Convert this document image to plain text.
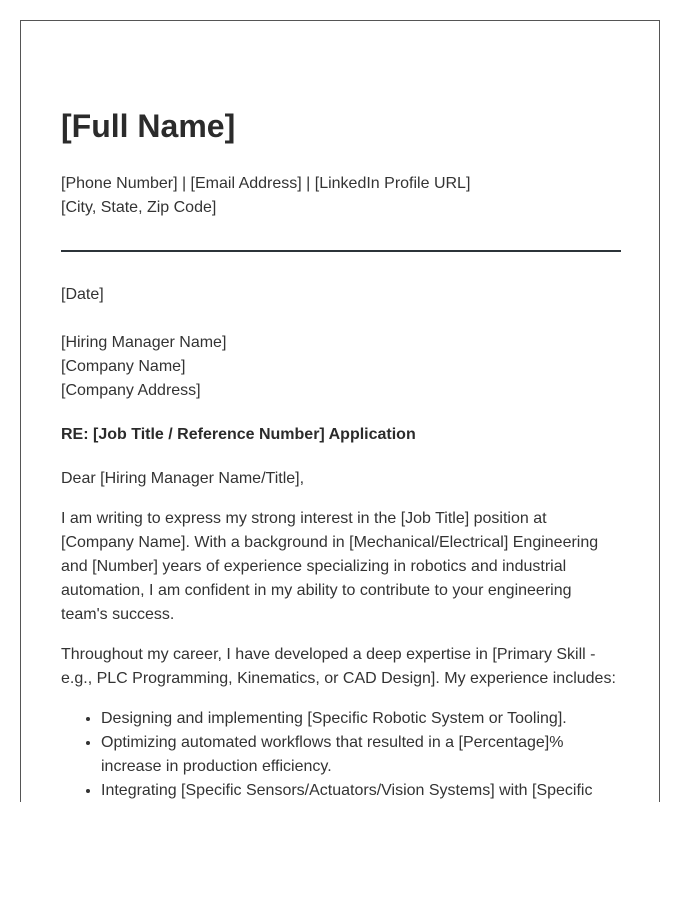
[Full Name]
[Phone Number] | [Email Address] | [LinkedIn Profile URL]
[City, State, Zip Code]
[Date]
[Hiring Manager Name]
[Company Name]
[Company Address]
RE: [Job Title / Reference Number] Application
Dear [Hiring Manager Name/Title],

I am writing to express my strong interest in the [Job Title] position at [Company Name]. With a background in [Mechanical/Electrical] Engineering and [Number] years of experience specializing in robotics and industrial automation, I am confident in my ability to contribute to your engineering team's success.

Throughout my career, I have developed a deep expertise in [Primary Skill - e.g., PLC Programming, Kinematics, or CAD Design]. My experience includes:

• Designing and implementing [Specific Robotic System or Tooling].
• Optimizing automated workflows that resulted in a [Percentage]% increase in production efficiency.
• Integrating [Specific Sensors/Actuators/Vision Systems] with [Specific
